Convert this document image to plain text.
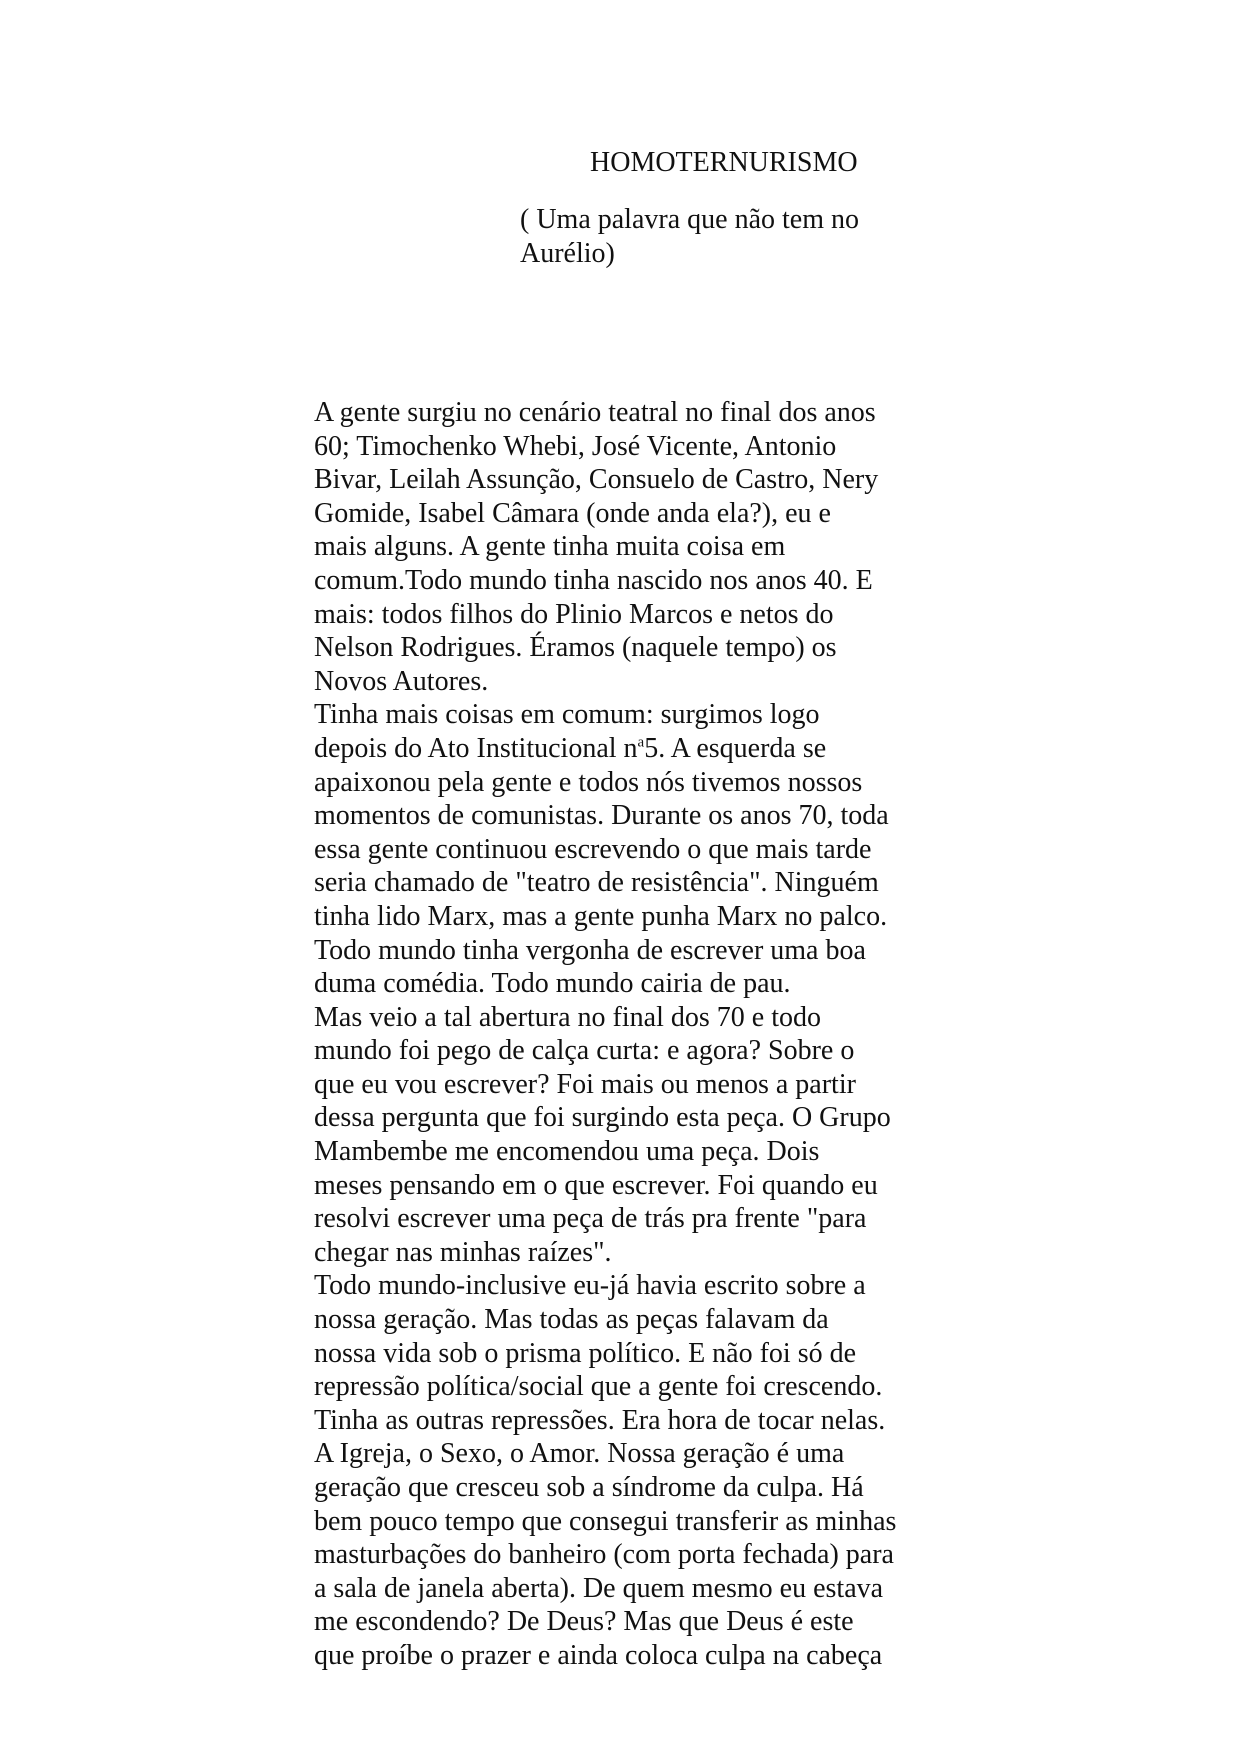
HOMOTERNURISMO
( Uma palavra que não tem no
Aurélio)
A gente surgiu no cenário teatral no final dos anos
60; Timochenko Whebi, José Vicente, Antonio
Bivar, Leilah Assunção, Consuelo de Castro, Nery
Gomide, Isabel Câmara (onde anda ela?), eu e
mais alguns. A gente tinha muita coisa em
comum.Todo mundo tinha nascido nos anos 40. E
mais: todos filhos do Plinio Marcos e netos do
Nelson Rodrigues. Éramos (naquele tempo) os
Novos Autores.
Tinha mais coisas em comum: surgimos logo
depois do Ato Institucional $n^a5$. A esquerda se
apaixonou pela gente e todos nós tivemos nossos
momentos de comunistas. Durante os anos 70, toda
essa gente continuou escrevendo o que mais tarde
seria chamado de "teatro de resistência". Ninguém
tinha lido Marx, mas a gente punha Marx no palco.
Todo mundo tinha vergonha de escrever uma boa
duma comédia. Todo mundo cairia de pau.
Mas veio a tal abertura no final dos 70 e todo
mundo foi pego de calça curta: e agora? Sobre o
que eu vou escrever? Foi mais ou menos a partir
dessa pergunta que foi surgindo esta peça. O Grupo
Mambembe me encomendou uma peça. Dois
meses pensando em o que escrever. Foi quando eu
resolvi escrever uma peça de trás pra frente "para
chegar nas minhas raízes".
Todo mundo-inclusive eu-já havia escrito sobre a
nossa geração. Mas todas as peças falavam da
nossa vida sob o prisma político. E não foi só de
repressão política/social que a gente foi crescendo.
Tinha as outras repressões. Era hora de tocar nelas.
A Igreja, o Sexo, o Amor. Nossa geração é uma
geração que cresceu sob a síndrome da culpa. Há
bem pouco tempo que consegui transferir as minhas
masturbações do banheiro (com porta fechada) para
a sala de janela aberta). De quem mesmo eu estava
me escondendo? De Deus? Mas que Deus é este
que proíbe o prazer e ainda coloca culpa na cabeça
